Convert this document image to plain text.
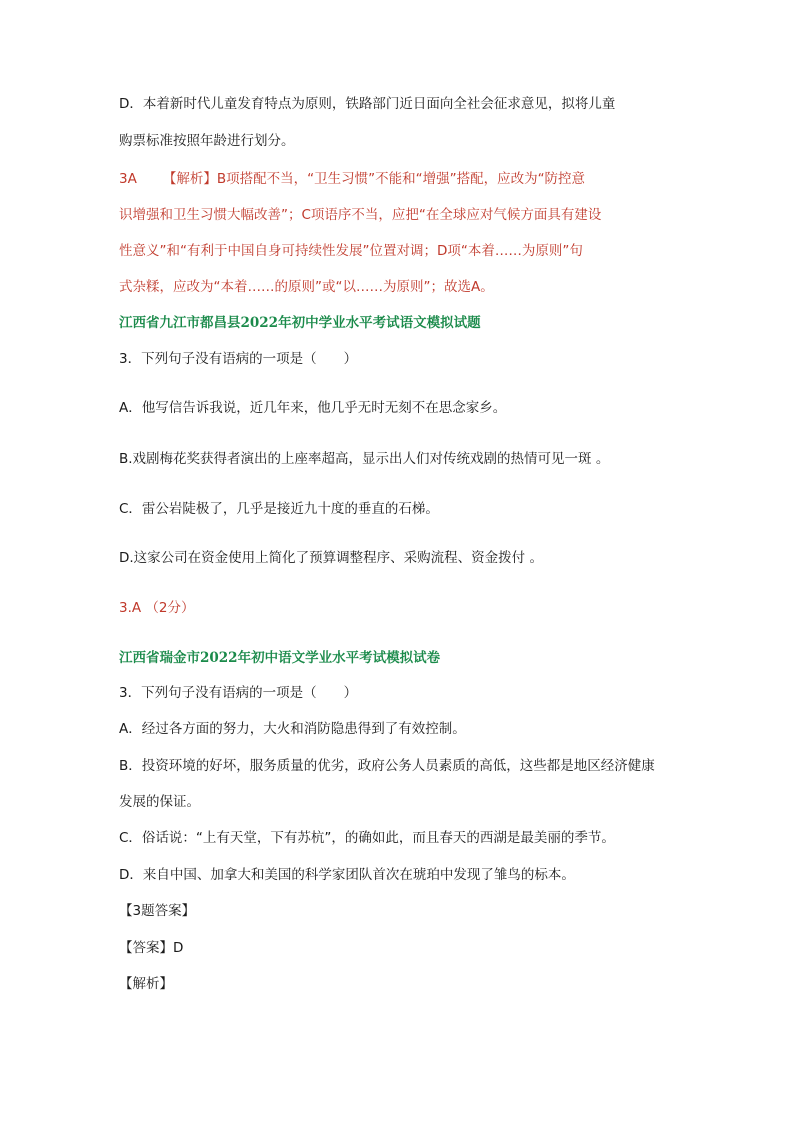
D．本着新时代儿童发育特点为原则，铁路部门近日面向全社会征求意见，拟将儿童
购票标准按照年龄进行划分。
3A 【解析】B项搭配不当，“卫生习惯”不能和“增强”搭配，应改为“防控意
识增强和卫生习惯大幅改善”；C项语序不当，应把“在全球应对气候方面具有建设
性意义”和“有利于中国自身可持续性发展”位置对调；D项“本着……为原则”句
式杂糅，应改为“本着……的原则”或“以……为原则”；故选A。
江西省九江市都昌县2022年初中学业水平考试语文模拟试题
3．下列句子没有语病的一项是（　　）
A．他写信告诉我说，近几年来，他几乎无时无刻不在思念家乡。
B.戏剧梅花奖获得者演出的上座率超高，显示出人们对传统戏剧的热情可见一斑 。
C．雷公岩陡极了，几乎是接近九十度的垂直的石梯。
D.这家公司在资金使用上简化了预算调整程序、采购流程、资金拨付 。
3.A （2分）
江西省瑞金市2022年初中语文学业水平考试模拟试卷
3．下列句子没有语病的一项是（　　）
A．经过各方面的努力，大火和消防隐患得到了有效控制。
B．投资环境的好坏，服务质量的优劣，政府公务人员素质的高低，这些都是地区经济健康
发展的保证。
C．俗话说：“上有天堂，下有苏杭”，的确如此，而且春天的西湖是最美丽的季节。
D．来自中国、加拿大和美国的科学家团队首次在琥珀中发现了雏鸟的标本。
【3题答案】
【答案】D
【解析】
